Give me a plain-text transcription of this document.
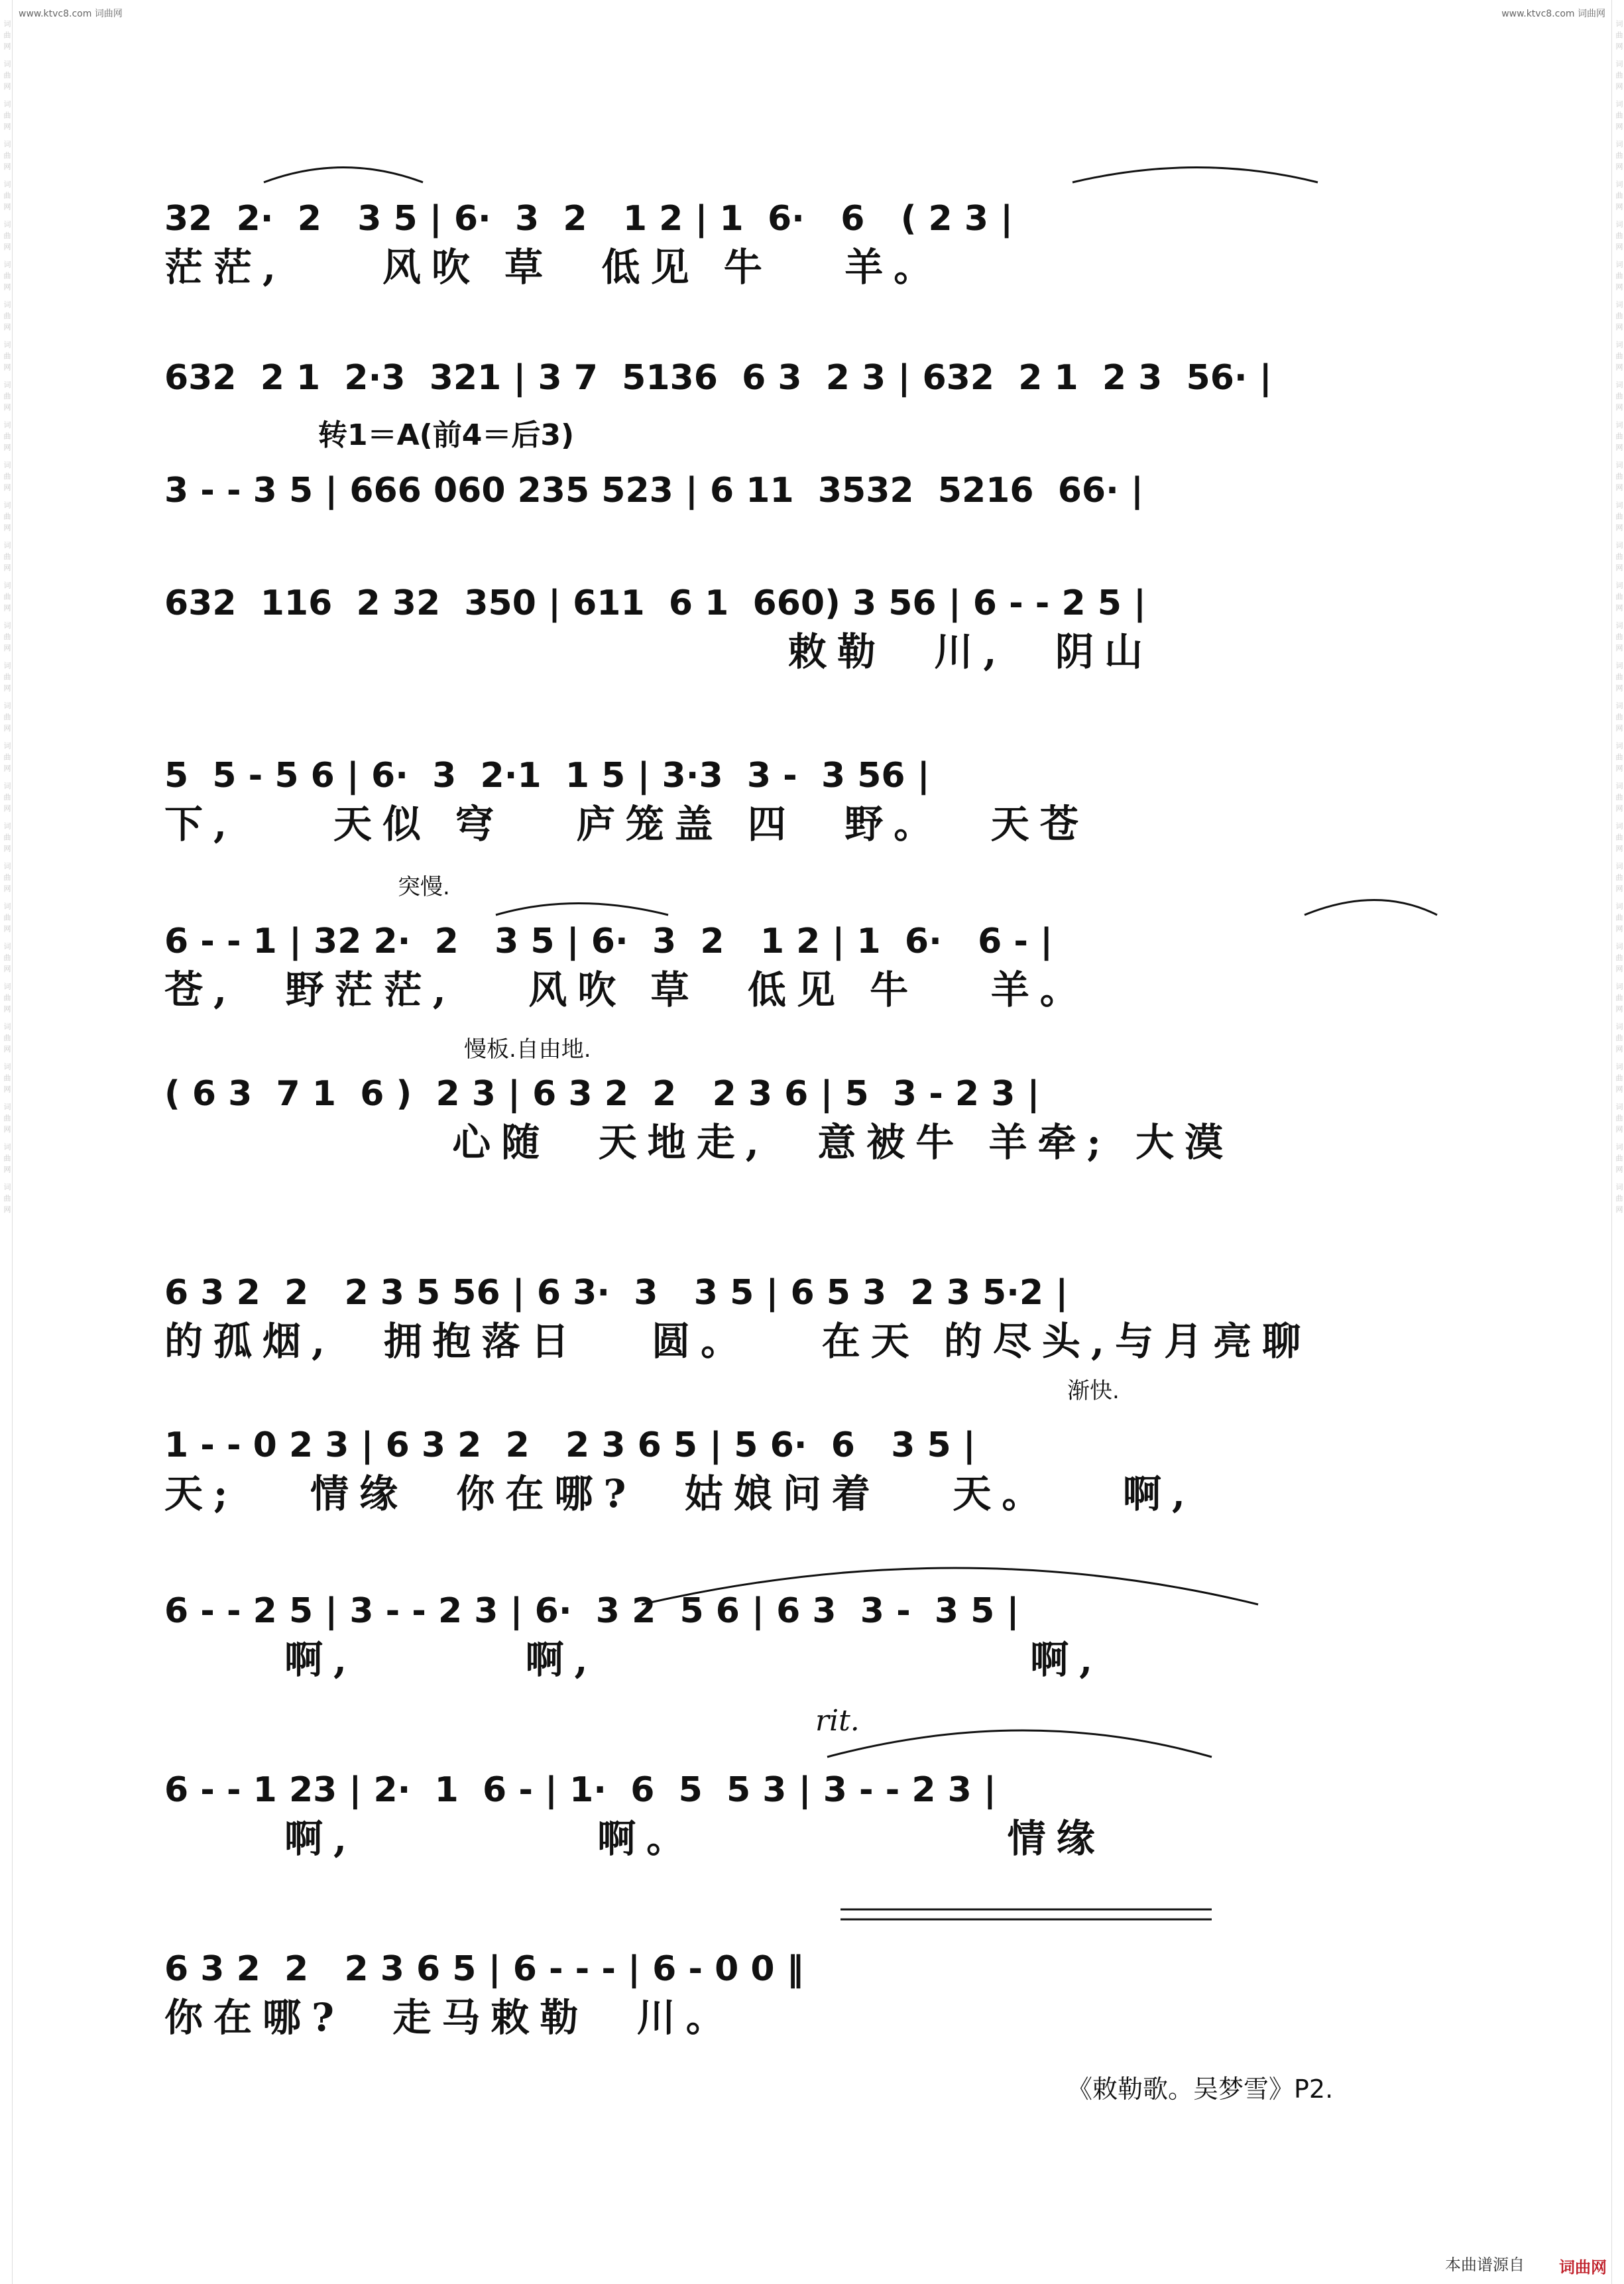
词曲网 词曲网 词曲网 词曲网 词曲网 词曲网 词曲网 词曲网 词曲网 词曲网 词曲网 词曲网 词曲网 词曲网 词曲网 词曲网 词曲网 词曲网 词曲网 词曲网 词曲网 词曲网 词曲网 词曲网 词曲网 词曲网 词曲网 词曲网 词曲网 词曲网	词曲网 词曲网 词曲网 词曲网 词曲网 词曲网 词曲网 词曲网 词曲网 词曲网 词曲网 词曲网 词曲网 词曲网 词曲网 词曲网 词曲网 词曲网 词曲网 词曲网 词曲网 词曲网 词曲网 词曲网 词曲网 词曲网 词曲网 词曲网 词曲网 词曲网
www.ktvc8.com 词曲网	www.ktvc8.com 词曲网
32  2·  2   3 5 | 6·  3  2   1 2 | 1  6·   6   ( 2 3 |
茫茫,    风吹 草  低见 牛   羊。
632  2 1  2·3  321 | 3 7  5136  6 3  2 3 | 632  2 1  2 3  56· |
3 - - 3 5 | 666 060 235 523 | 6 11  3532  5216  66· |
632  116  2 32  350 | 611  6 1  660) 3 56 | 6 - - 2 5 |
敕勒  川,  阴山
5  5 - 5 6 | 6·  3  2·1  1 5 | 3·3  3 -  3 56 |
下,    天似 穹   庐笼盖 四  野。  天苍
6 - - 1 | 32 2·  2   3 5 | 6·  3  2   1 2 | 1  6·   6 - |
苍,  野茫茫,   风吹 草  低见 牛   羊。
( 6 3  7 1  6 )  2 3 | 6 3 2  2   2 3 6 | 5  3 - 2 3 |
心随  天地走,  意被牛 羊牵; 大漠
6 3 2  2   2 3 5 56 | 6 3·  3   3 5 | 6 5 3  2 3 5·2 |
的孤烟,  拥抱落日   圆。   在天 的尽头,与月亮聊
1 - - 0 2 3 | 6 3 2  2   2 3 6 5 | 5 6·  6   3 5 |
天;   情缘  你在哪?  姑娘问着   天。   啊,
6 - - 2 5 | 3 - - 2 3 | 6·  3 2  5 6 | 6 3  3 -  3 5 |
啊,       啊,                  啊,
6 - - 1 23 | 2·  1  6 - | 1·  6  5  5 3 | 3 - - 2 3 |
啊,          啊。             情缘
6 3 2  2   2 3 6 5 | 6 - - - | 6 - 0 0 ‖
你在哪?  走马敕勒  川。
转1＝A(前4＝后3)
突慢.
慢板.自由地.
渐快.
rit.
《敕勒歌。吴梦雪》P2.
本曲谱源自 词曲网
